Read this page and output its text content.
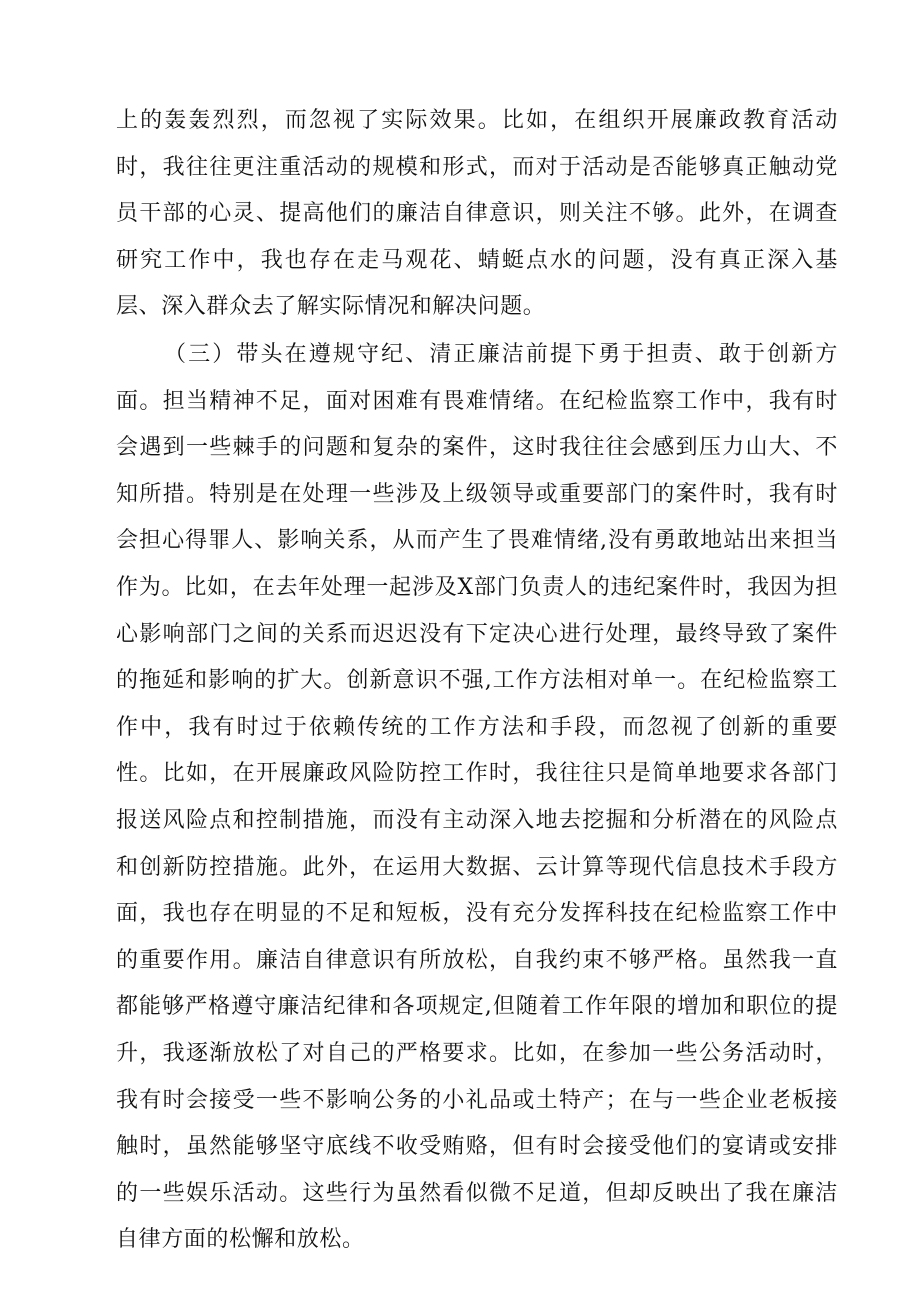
上的轰轰烈烈，而忽视了实际效果。比如，在组织开展廉政教育活动时，我往往更注重活动的规模和形式，而对于活动是否能够真正触动党员干部的心灵、提高他们的廉洁自律意识，则关注不够。此外，在调查研究工作中，我也存在走马观花、蜻蜓点水的问题，没有真正深入基层、深入群众去了解实际情况和解决问题。

（三）带头在遵规守纪、清正廉洁前提下勇于担责、敢于创新方面。担当精神不足，面对困难有畏难情绪。在纪检监察工作中，我有时会遇到一些棘手的问题和复杂的案件，这时我往往会感到压力山大、不知所措。特别是在处理一些涉及上级领导或重要部门的案件时，我有时会担心得罪人、影响关系，从而产生了畏难情绪,没有勇敢地站出来担当作为。比如，在去年处理一起涉及X部门负责人的违纪案件时，我因为担心影响部门之间的关系而迟迟没有下定决心进行处理，最终导致了案件的拖延和影响的扩大。创新意识不强,工作方法相对单一。在纪检监察工作中，我有时过于依赖传统的工作方法和手段，而忽视了创新的重要性。比如，在开展廉政风险防控工作时，我往往只是简单地要求各部门报送风险点和控制措施，而没有主动深入地去挖掘和分析潜在的风险点和创新防控措施。此外，在运用大数据、云计算等现代信息技术手段方面，我也存在明显的不足和短板，没有充分发挥科技在纪检监察工作中的重要作用。廉洁自律意识有所放松，自我约束不够严格。虽然我一直都能够严格遵守廉洁纪律和各项规定,但随着工作年限的增加和职位的提升，我逐渐放松了对自己的严格要求。比如，在参加一些公务活动时，我有时会接受一些不影响公务的小礼品或土特产；在与一些企业老板接触时，虽然能够坚守底线不收受贿赂，但有时会接受他们的宴请或安排的一些娱乐活动。这些行为虽然看似微不足道，但却反映出了我在廉洁自律方面的松懈和放松。
